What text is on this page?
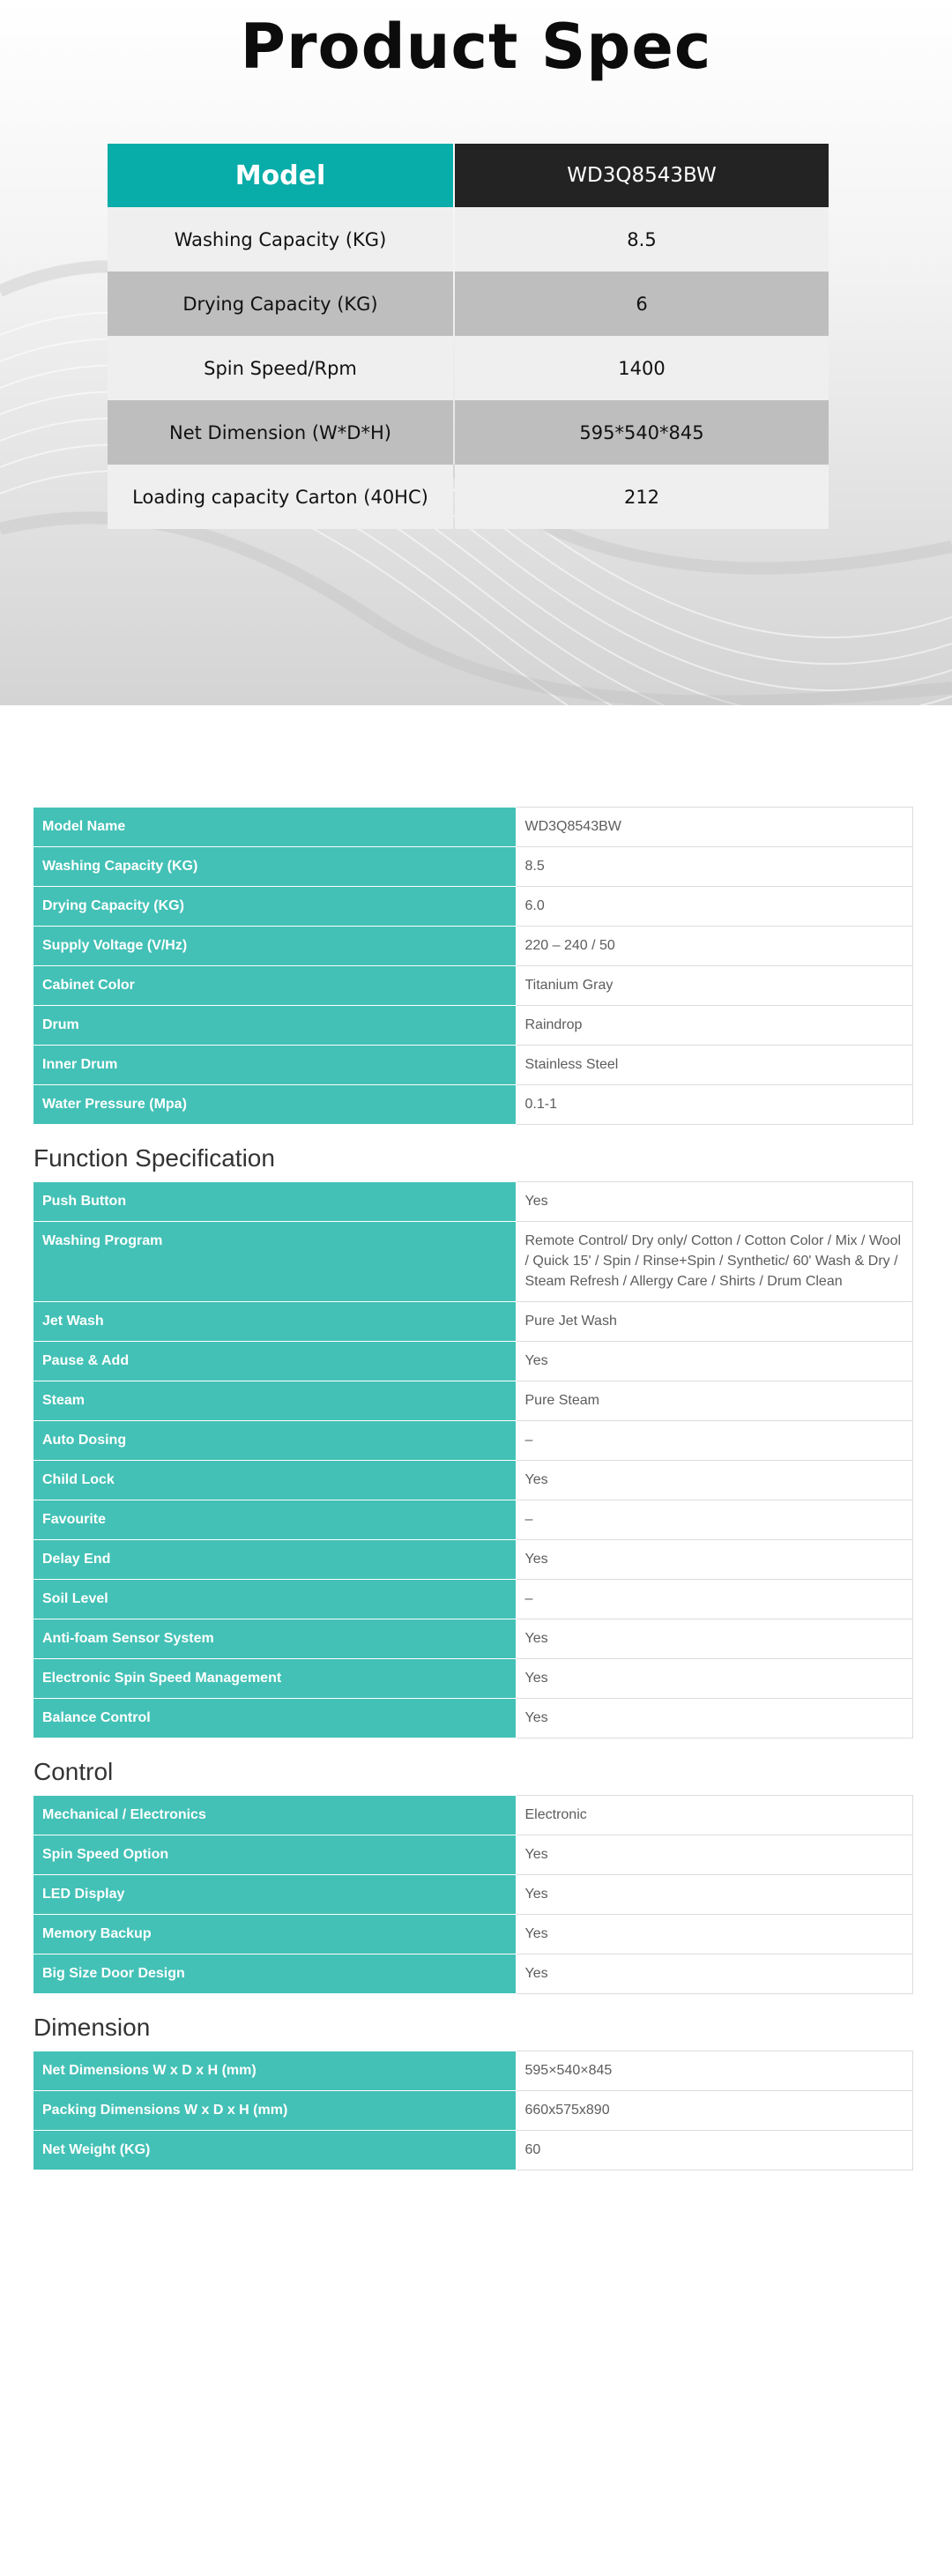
Product Spec
Model	WD3Q8543BW
Washing Capacity (KG)	8.5
Drying Capacity (KG)	6
Spin Speed/Rpm	1400
Net Dimension (W*D*H)	595*540*845
Loading capacity Carton (40HC)	212
Model Name	WD3Q8543BW
Washing Capacity (KG)	8.5
Drying Capacity (KG)	6.0
Supply Voltage (V/Hz)	220 – 240 / 50
Cabinet Color	Titanium Gray
Drum	Raindrop
Inner Drum	Stainless Steel
Water Pressure (Mpa)	0.1-1
Function Specification
Push Button	Yes
Washing Program	Remote Control/ Dry only/ Cotton / Cotton Color / Mix / Wool / Quick 15' / Spin / Rinse+Spin / Synthetic/ 60' Wash & Dry / Steam Refresh / Allergy Care / Shirts / Drum Clean
Jet Wash	Pure Jet Wash
Pause & Add	Yes
Steam	Pure Steam
Auto Dosing	–
Child Lock	Yes
Favourite	–
Delay End	Yes
Soil Level	–
Anti-foam Sensor System	Yes
Electronic Spin Speed Management	Yes
Balance Control	Yes
Control
Mechanical / Electronics	Electronic
Spin Speed Option	Yes
LED Display	Yes
Memory Backup	Yes
Big Size Door Design	Yes
Dimension
Net Dimensions W x D x H (mm)	595×540×845
Packing Dimensions W x D x H (mm)	660x575x890
Net Weight (KG)	60
